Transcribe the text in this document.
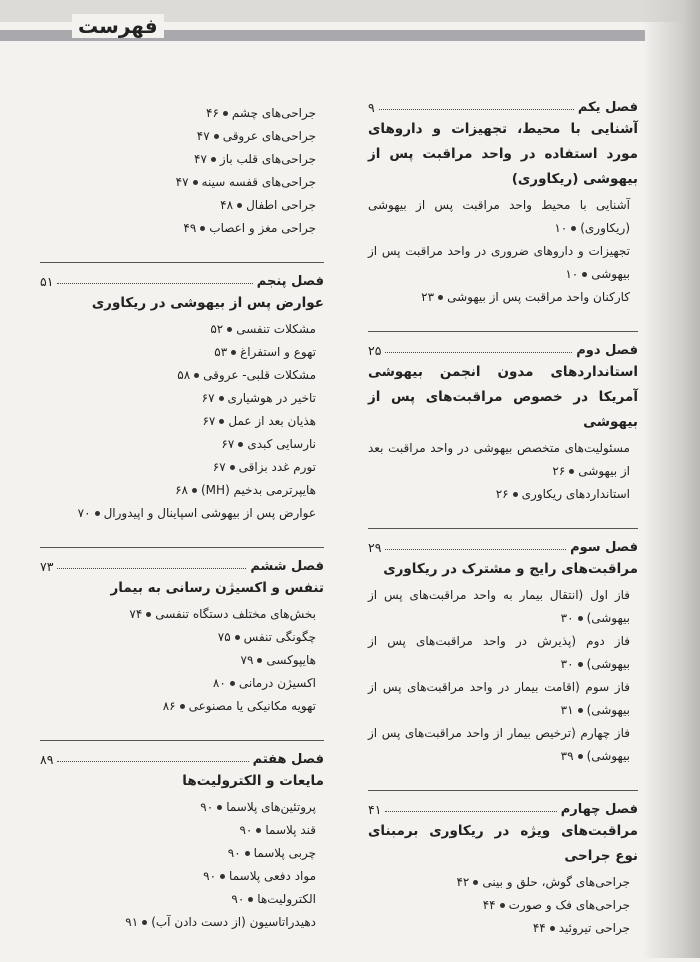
فهرست
فصل یکم
۹
آشنایی با محیط، تجهیزات و داروهای مورد استفاده در واحد مراقبت پس از بیهوشی (ریکاوری)

آشنایی با محیط واحد مراقبت پس از بیهوشی (ریکاوری)۱۰

تجهیزات و داروهای ضروری در واحد مراقبت پس از بیهوشی۱۰

کارکنان واحد مراقبت پس از بیهوشی۲۳

فصل دوم
۲۵
استانداردهای مدون انجمن بیهوشی آمریکا در خصوص مراقبت‌های پس از بیهوشی

مسئولیت‌های متخصص بیهوشی در واحد مراقبت بعد از بیهوشی۲۶

استانداردهای ریکاوری۲۶

فصل سوم
۲۹
مراقبت‌های رایج و مشترک در ریکاوری

فاز اول (انتقال بیمار به واحد مراقبت‌های پس از بیهوشی)۳۰

فاز دوم (پذیرش در واحد مراقبت‌های پس از بیهوشی)۳۰

فاز سوم (اقامت بیمار در واحد مراقبت‌های پس از بیهوشی)۳۱

فاز چهارم (ترخیص بیمار از واحد مراقبت‌های پس از بیهوشی)۳۹

فصل چهارم
۴۱
مراقبت‌های ویژه در ریکاوری برمبنای نوع جراحی

جراحی‌های گوش، حلق و بینی۴۲

جراحی‌های فک و صورت۴۴

جراحی تیروئید۴۴

جراحی‌های چشم۴۶

جراحی‌های عروقی۴۷

جراحی‌های قلب باز۴۷

جراحی‌های قفسه سینه۴۷

جراحی اطفال۴۸

جراحی مغز و اعصاب۴۹

فصل پنجم
۵۱
عوارض پس از بیهوشی در ریکاوری

مشکلات تنفسی۵۲

تهوع و استفراغ۵۳

مشکلات قلبی- عروقی۵۸

تاخیر در هوشیاری۶۷

هذیان بعد از عمل۶۷

نارسایی کبدی۶۷

تورم غدد بزاقی۶۷

هایپرترمی بدخیم (MH)۶۸

عوارض پس از بیهوشی اسپاینال و اپیدورال۷۰

فصل ششم
۷۳
تنفس و اکسیژن رسانی به بیمار

بخش‌های مختلف دستگاه تنفسی۷۴

چگونگی تنفس۷۵

هایپوکسی۷۹

اکسیژن درمانی۸۰

تهویه مکانیکی یا مصنوعی۸۶

فصل هفتم
۸۹
مایعات و الکترولیت‌ها

پروتئین‌های پلاسما۹۰

قند پلاسما۹۰

چربی پلاسما۹۰

مواد دفعی پلاسما۹۰

الکترولیت‌ها۹۰

دهیدراتاسیون (از دست دادن آب)۹۱
